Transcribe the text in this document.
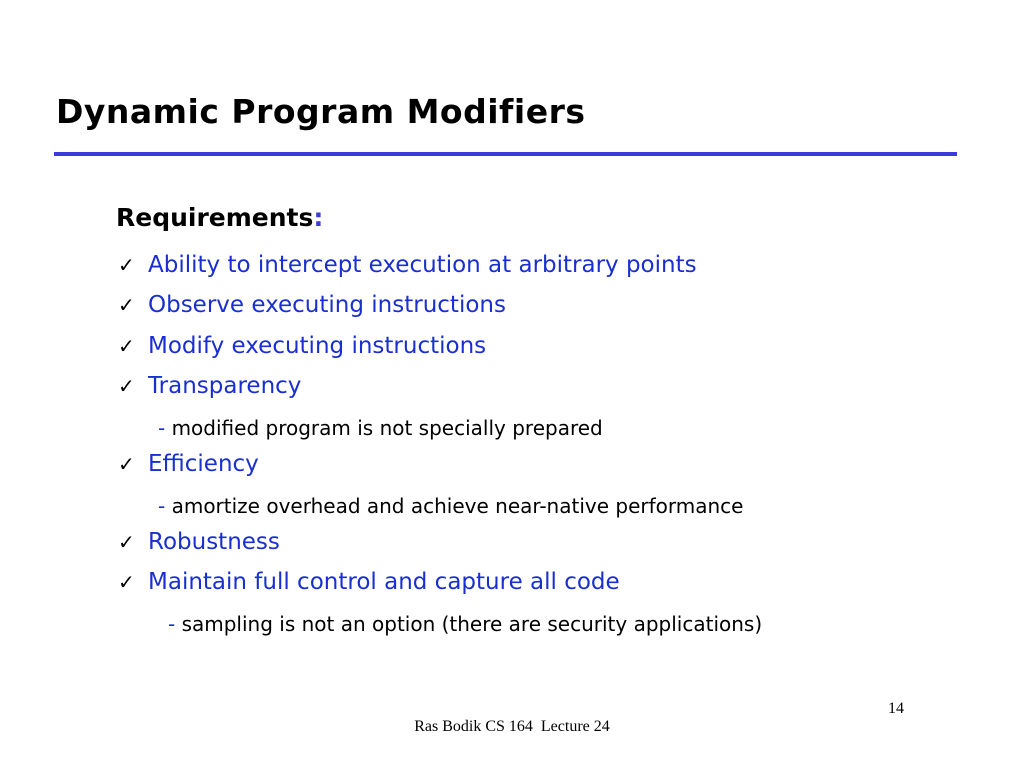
Dynamic Program Modifiers
Requirements:
✓ Ability to intercept execution at arbitrary points
✓ Observe executing instructions
✓ Modify executing instructions
✓ Transparency
- modified program is not specially prepared
✓ Efficiency
- amortize overhead and achieve near-native performance
✓ Robustness
✓ Maintain full control and capture all code
- sampling is not an option (there are security applications)
14
Ras Bodik CS 164  Lecture 24
